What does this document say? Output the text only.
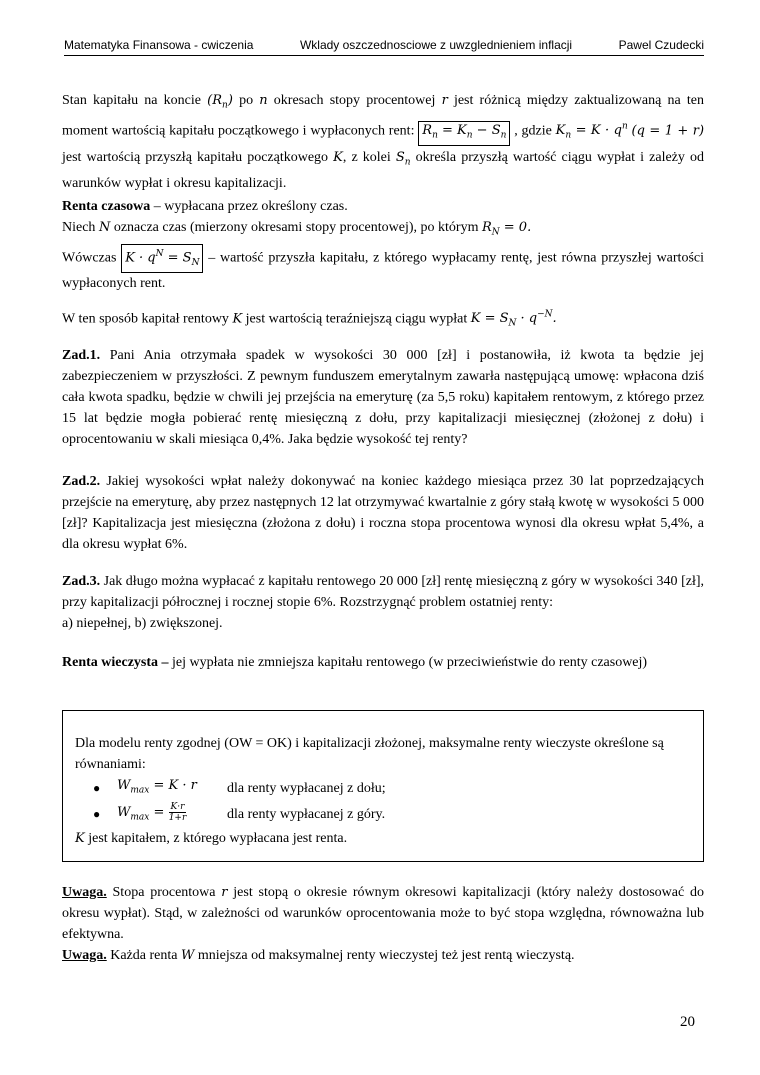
Matematyka Finansowa - cwiczenia	Wklady oszczednosciowe z uwzglednieniem inflacji	Pawel Czudecki
Stan kapitału na koncie $(R_n)$ po n okresach stopy procentowej r jest różnicą między zaktualizowaną na ten moment wartością kapitału początkowego i wypłaconych rent: $R_n = K_n - S_n$ , gdzie $K_n = K \cdot q^n$ (q = 1 + r) jest wartością przyszłą kapitału początkowego K, z kolei $S_n$ określa przyszłą wartość ciągu wypłat i zależy od warunków wypłat i okresu kapitalizacji.
Renta czasowa – wypłacana przez określony czas.
Niech N oznacza czas (mierzony okresami stopy procentowej), po którym $R_N = 0$.
Wówczas $K \cdot q^N = S_N$ – wartość przyszła kapitału, z którego wypłacamy rentę, jest równa przyszłej wartości wypłaconych rent.
W ten sposób kapitał rentowy K jest wartością teraźniejszą ciągu wypłat $K = S_N \cdot q^{-N}$.
Zad.1. Pani Ania otrzymała spadek w wysokości 30 000 [zł] i postanowiła, iż kwota ta będzie jej zabezpieczeniem w przyszłości. Z pewnym funduszem emerytalnym zawarła następującą umowę: wpłacona dziś cała kwota spadku, będzie w chwili jej przejścia na emeryturę (za 5,5 roku) kapitałem rentowym, z którego przez 15 lat będzie mogła pobierać rentę miesięczną z dołu, przy kapitalizacji miesięcznej (złożonej z dołu) i oprocentowaniu w skali miesiąca 0,4%. Jaka będzie wysokość tej renty?
Zad.2. Jakiej wysokości wpłat należy dokonywać na koniec każdego miesiąca przez 30 lat poprzedzających przejście na emeryturę, aby przez następnych 12 lat otrzymywać kwartalnie z góry stałą kwotę w wysokości 5 000 [zł]? Kapitalizacja jest miesięczna (złożona z dołu) i roczna stopa procentowa wynosi dla okresu wpłat 5,4%, a dla okresu wypłat 6%.
Zad.3. Jak długo można wypłacać z kapitału rentowego 20 000 [zł] rentę miesięczną z góry w wysokości 340 [zł], przy kapitalizacji półrocznej i rocznej stopie 6%. Rozstrzygnąć problem ostatniej renty:
a) niepełnej, b) zwiększonej.
Renta wieczysta – jej wypłata nie zmniejsza kapitału rentowego (w przeciwieństwie do renty czasowej)
Dla modelu renty zgodnej (OW = OK) i kapitalizacji złożonej, maksymalne renty wieczyste określone są równaniami:
●	$W_{max} = K \cdot r$	dla renty wypłacanej z dołu;
●	$W_{max} = \frac{K\cdot r}{1+r}$	dla renty wypłacanej z góry.
K jest kapitałem, z którego wypłacana jest renta.
Uwaga. Stopa procentowa r jest stopą o okresie równym okresowi kapitalizacji (który należy dostosować do okresu wypłat). Stąd, w zależności od warunków oprocentowania może to być stopa względna, równoważna lub efektywna.
Uwaga. Każda renta W mniejsza od maksymalnej renty wieczystej też jest rentą wieczystą.
20
